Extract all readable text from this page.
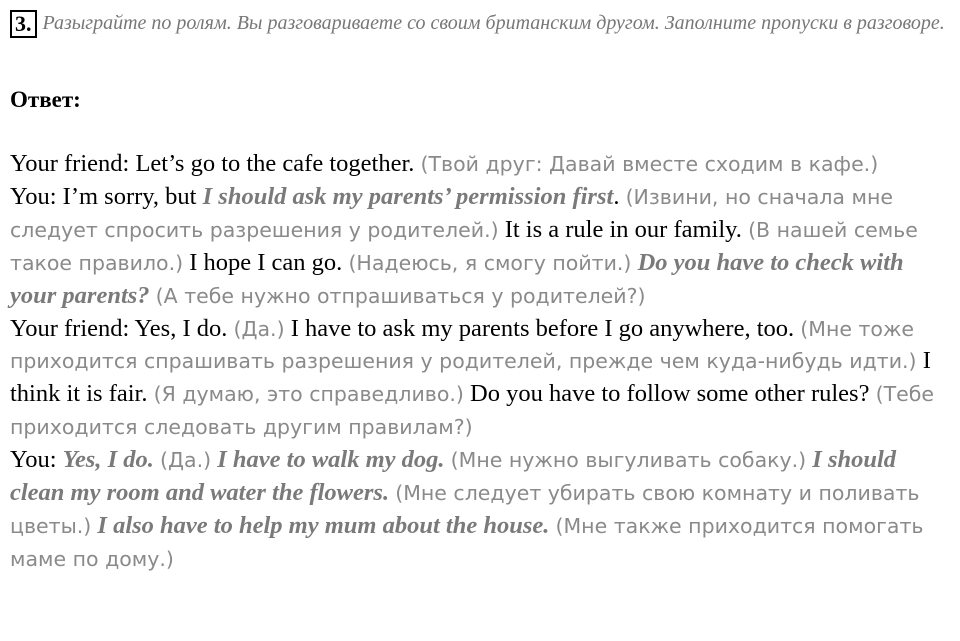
3. Разыграйте по ролям. Вы разговариваете со своим британским другом. Заполните пропуски в разговоре.
Ответ:

Your friend: Let’s go to the cafe together. (Твой друг: Давай вместе сходим в кафе.)

You: I’m sorry, but I should ask my parents’ permission first. (Извини, но сначала мне следует спросить разрешения у родителей.) It is a rule in our family. (В нашей семье такое правило.) I hope I can go. (Надеюсь, я смогу пойти.) Do you have to check with your parents? (А тебе нужно отпрашиваться у родителей?)

Your friend: Yes, I do. (Да.) I have to ask my parents before I go anywhere, too. (Мне тоже приходится спрашивать разрешения у родителей, прежде чем куда-нибудь идти.) I think it is fair. (Я думаю, это справедливо.) Do you have to follow some other rules? (Тебе приходится следовать другим правилам?)

You: Yes, I do. (Да.) I have to walk my dog. (Мне нужно выгуливать собаку.) I should clean my room and water the flowers. (Мне следует убирать свою комнату и поливать цветы.) I also have to help my mum about the house. (Мне также приходится помогать маме по дому.)
